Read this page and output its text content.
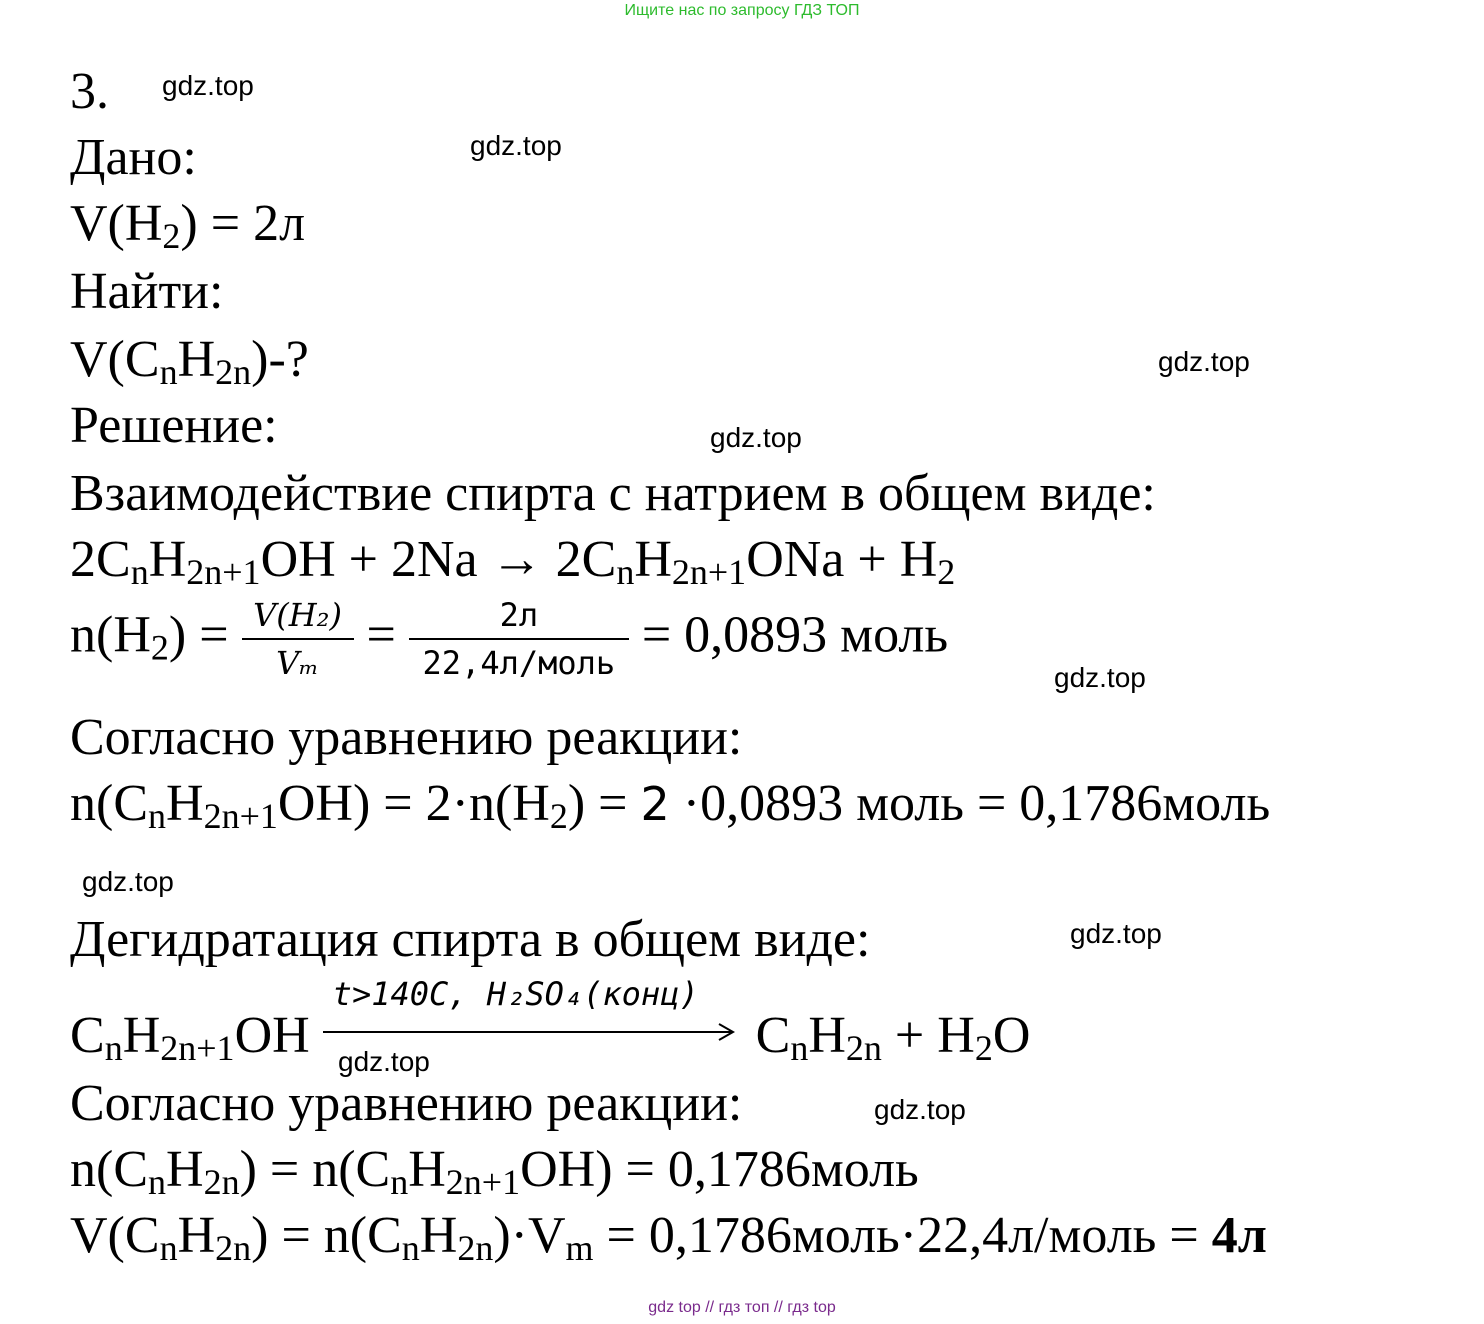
Ищите нас по запросу ГДЗ ТОП
3.
Дано:
V(H2) = 2л
Найти:
V(CnH2n)-?
Решение:
Взаимодействие спирта с натрием в общем виде:
2CnH2n+1OH + 2Na → 2CnH2n+1ONa + H2
$n(H2) = \frac{\text{V(H₂)}}{\text{Vₘ}} = \frac{2л}{\text{22,4л/моль}} = 0,0893$ моль
Согласно уравнению реакции:
n(CnH2n+1OH) = 2·n(H2) = 2 ·0,0893 моль = 0,1786моль
Дегидратация спирта в общем виде:
CnH2n+1OH
t>140C, H₂SO₄(конц)
CnH2n + H2O
Согласно уравнению реакции:
n(CnH2n) = n(CnH2n+1OH) = 0,1786моль
V(CnH2n) = n(CnH2n)·Vm = 0,1786моль·22,4л/моль = 4л
gdz.top
gdz.top
gdz.top
gdz.top
gdz.top
gdz.top
gdz.top
gdz.top
gdz.top
gdz top // гдз топ // гдз top
